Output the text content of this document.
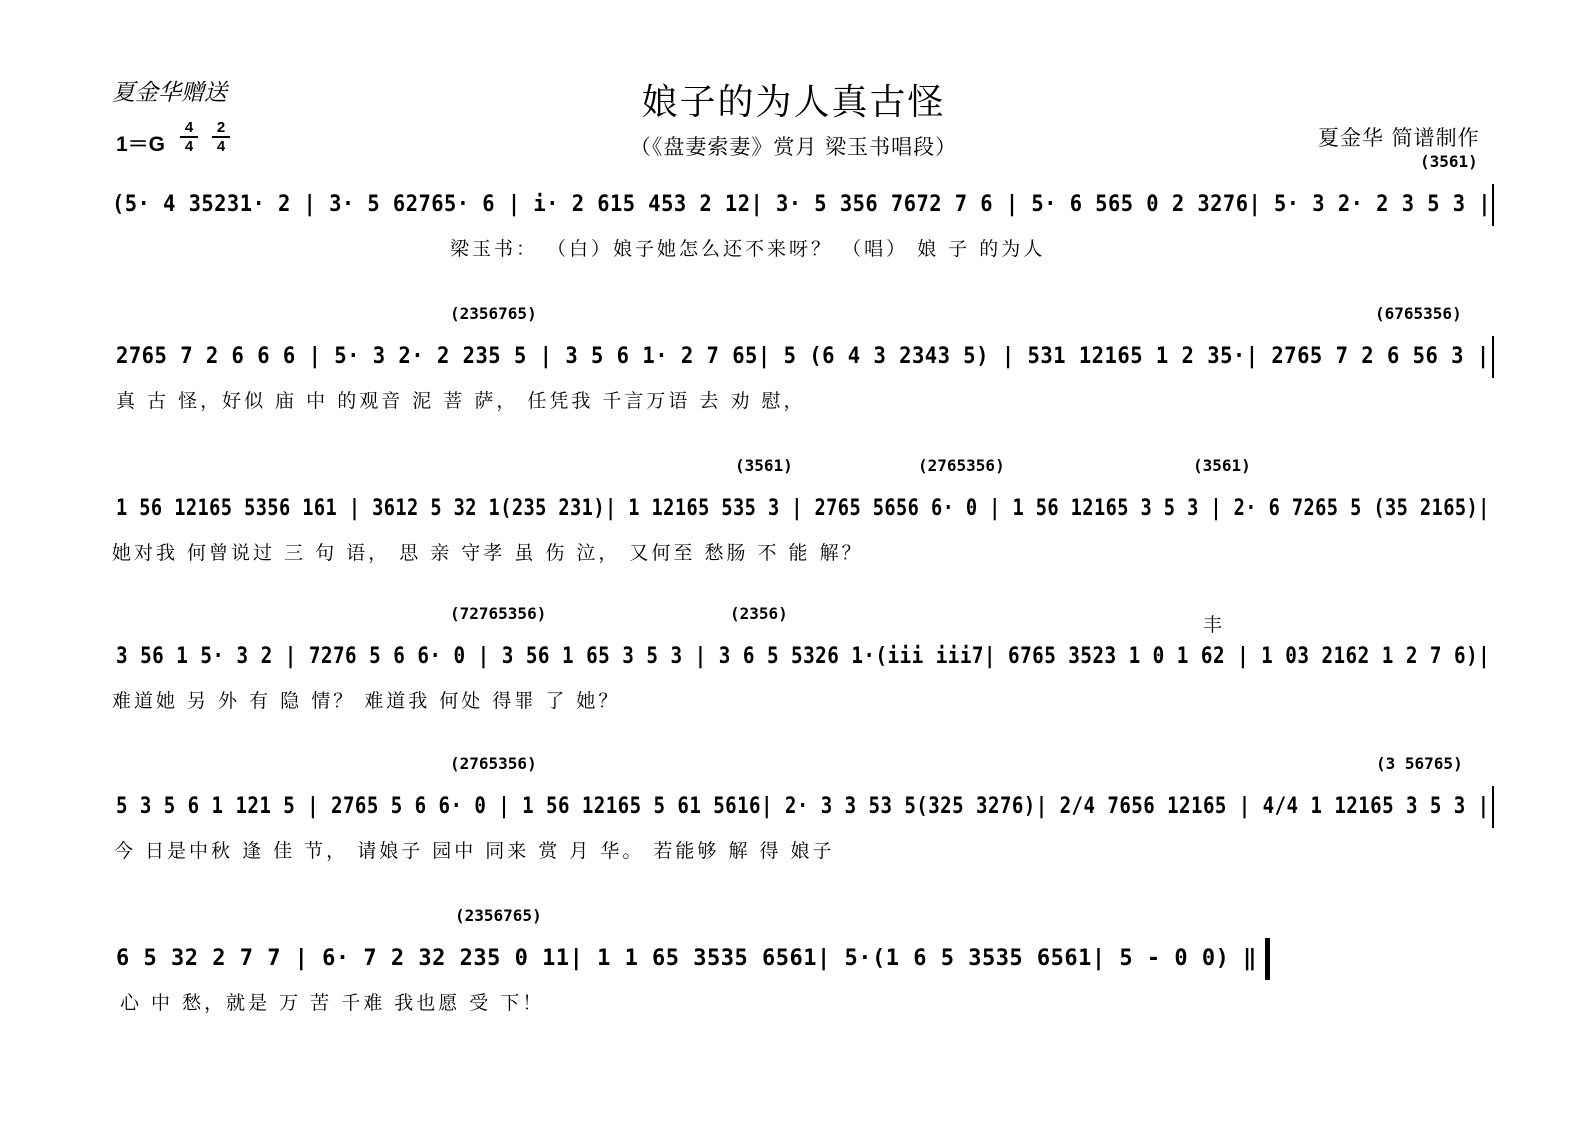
夏金华赠送	娘子的为人真古怪
（《盘妻索妻》赏月 梁玉书唱段）	夏金华 简谱制作
1＝G
4
4
2
4
(3561)
(5· 4 35231· 2 | 3· 5 62765· 6 | i· 2 615 453 2 12| 3· 5 356 7672 7 6 | 5· 6 565 0 2 3276| 5· 3 2· 2 3 5 3 |
梁玉书： （白）娘子她怎么还不来呀？ （唱） 娘 子 的为人
(2356765)	(6765356)
2765 7 2 6 6 6 | 5· 3 2· 2 235 5 | 3 5 6 1· 2 7 65| 5 (6 4 3 2343 5) | 531 12165 1 2 35·| 2765 7 2 6 56 3 |
真 古 怪，好似 庙 中 的观音 泥 菩 萨， 任凭我 千言万语 去 劝 慰，
(3561)	(2765356)	(3561)
1 56 12165 5356 161 | 3612 5 32 1(235 231)| 1 12165 535 3 | 2765 5656 6· 0 | 1 56 12165 3 5 3 | 2· 6 7265 5 (35 2165)|
她对我 何曾说过 三 句 语， 思 亲 守孝 虽 伤 泣， 又何至 愁肠 不 能 解？
(72765356)	(2356)
丰
3 56 1 5· 3 2 | 7276 5 6 6· 0 | 3 56 1 65 3 5 3 | 3 6 5 5326 1·(iii iii7| 6765 3523 1 0 1 62 | 1 03 2162 1 2 7 6)|
难道她 另 外 有 隐 情？ 难道我 何处 得罪 了 她？
(2765356)	(3 56765)
5 3 5 6 1 121 5 | 2765 5 6 6· 0 | 1 56 12165 5 61 5616| 2· 3 3 53 5(325 3276)| 2/4 7656 12165 | 4/4 1 12165 3 5 3 |
今 日是中秋 逢 佳 节， 请娘子 园中 同来 赏 月 华。 若能够 解 得 娘子
(2356765)
6 5 32 2 7 7 | 6· 7 2 32 235 0 11| 1 1 65 3535 6561| 5·(1 6 5 3535 6561| 5 - 0 0) ‖
心 中 愁，就是 万 苦 千难 我也愿 受 下！
